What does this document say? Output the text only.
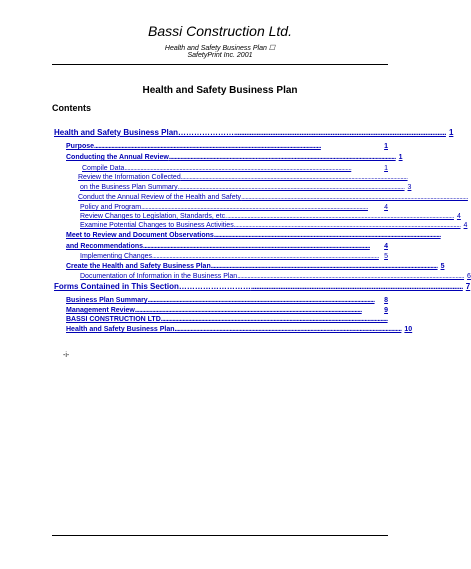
Bassi Construction Ltd.
Health and Safety Business Plan ☐
SafetyPrint Inc. 2001
Health and Safety Business Plan
Contents
Health and Safety Business Plan………………… ........................................................................................................................... 1
Purpose .............................................................................................................................................................	1
Conducting the Annual Review ............................................................................................................................................................. 1
Compile Data .............................................................................................................................................................	1
Review the Information Collected .............................................................................................................................................................
on the Business Plan Summary ............................................................................................................................................................. 3
Conduct the Annual Review of the Health and Safety .............................................................................................................................................................
Policy and Program .............................................................................................................................................................	4
Review Changes to Legislation, Standards, etc. ............................................................................................................................................................. 4
Examine Potential Changes to Business Activities ............................................................................................................................................................. 4
Meet to Review and Document Observations .............................................................................................................................................................
and Recommendations .............................................................................................................................................................	4
Implementing Changes ............................................................................................................................................................. 5
Create the Health and Safety Business Plan ............................................................................................................................................................. 5
Documentation of Information in the Business Plan ............................................................................................................................................................. 6
Forms Contained in This Section……………………… ........................................................................................................................... 7
Business Plan Summary .............................................................................................................................................................	8
Management Review .............................................................................................................................................................	9
BASSI CONSTRUCTION LTD .............................................................................................................................................................
Health and Safety Business Plan ............................................................................................................................................................. 10
-i-
